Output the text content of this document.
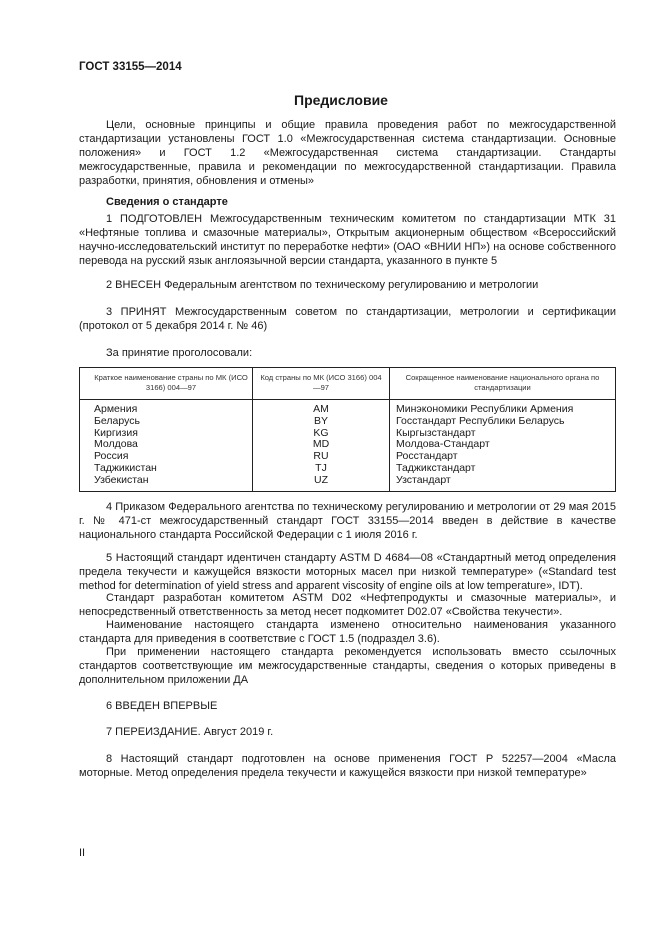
ГОСТ 33155—2014
Предисловие

Цели, основные принципы и общие правила проведения работ по межгосударственной стандартизации установлены ГОСТ 1.0 «Межгосударственная система стандартизации. Основные положения» и ГОСТ 1.2 «Межгосударственная система стандартизации. Стандарты межгосударственные, правила и рекомендации по межгосударственной стандартизации. Правила разработки, принятия, обновления и отмены»

Сведения о стандарте

1 ПОДГОТОВЛЕН Межгосударственным техническим комитетом по стандартизации МТК 31 «Нефтяные топлива и смазочные материалы», Открытым акционерным обществом «Всероссийский научно-исследовательский институт по переработке нефти» (ОАО «ВНИИ НП») на основе собственного перевода на русский язык англоязычной версии стандарта, указанного в пункте 5

2 ВНЕСЕН Федеральным агентством по техническому регулированию и метрологии

3 ПРИНЯТ Межгосударственным советом по стандартизации, метрологии и сертификации (протокол от 5 декабря 2014 г. № 46)

За принятие проголосовали:

Краткое наименование страны по МК (ИСО 3166) 004—97	Код страны по МК (ИСО 3166) 004—97	Сокращенное наименование национального органа по стандартизации
Армения	AM	Минэкономики Республики Армения
Беларусь	BY	Госстандарт Республики Беларусь
Киргизия	KG	Кыргызстандарт
Молдова	MD	Молдова-Стандарт
Россия	RU	Росстандарт
Таджикистан	TJ	Таджикстандарт
Узбекистан	UZ	Узстандарт

4 Приказом Федерального агентства по техническому регулированию и метрологии от 29 мая 2015 г. № 471-ст межгосударственный стандарт ГОСТ 33155—2014 введен в действие в качестве национального стандарта Российской Федерации с 1 июля 2016 г.

5 Настоящий стандарт идентичен стандарту ASTM D 4684—08 «Стандартный метод определения предела текучести и кажущейся вязкости моторных масел при низкой температуре» («Standard test method for determination of yield stress and apparent viscosity of engine oils at low temperature», IDT).

Стандарт разработан комитетом ASTM D02 «Нефтепродукты и смазочные материалы», и непосредственный ответственность за метод несет подкомитет D02.07 «Свойства текучести».

Наименование настоящего стандарта изменено относительно наименования указанного стандарта для приведения в соответствие с ГОСТ 1.5 (подраздел 3.6).

При применении настоящего стандарта рекомендуется использовать вместо ссылочных стандартов соответствующие им межгосударственные стандарты, сведения о которых приведены в дополнительном приложении ДА

6 ВВЕДЕН ВПЕРВЫЕ

7 ПЕРЕИЗДАНИЕ. Август 2019 г.

8 Настоящий стандарт подготовлен на основе применения ГОСТ Р 52257—2004 «Масла моторные. Метод определения предела текучести и кажущейся вязкости при низкой температуре»

II
